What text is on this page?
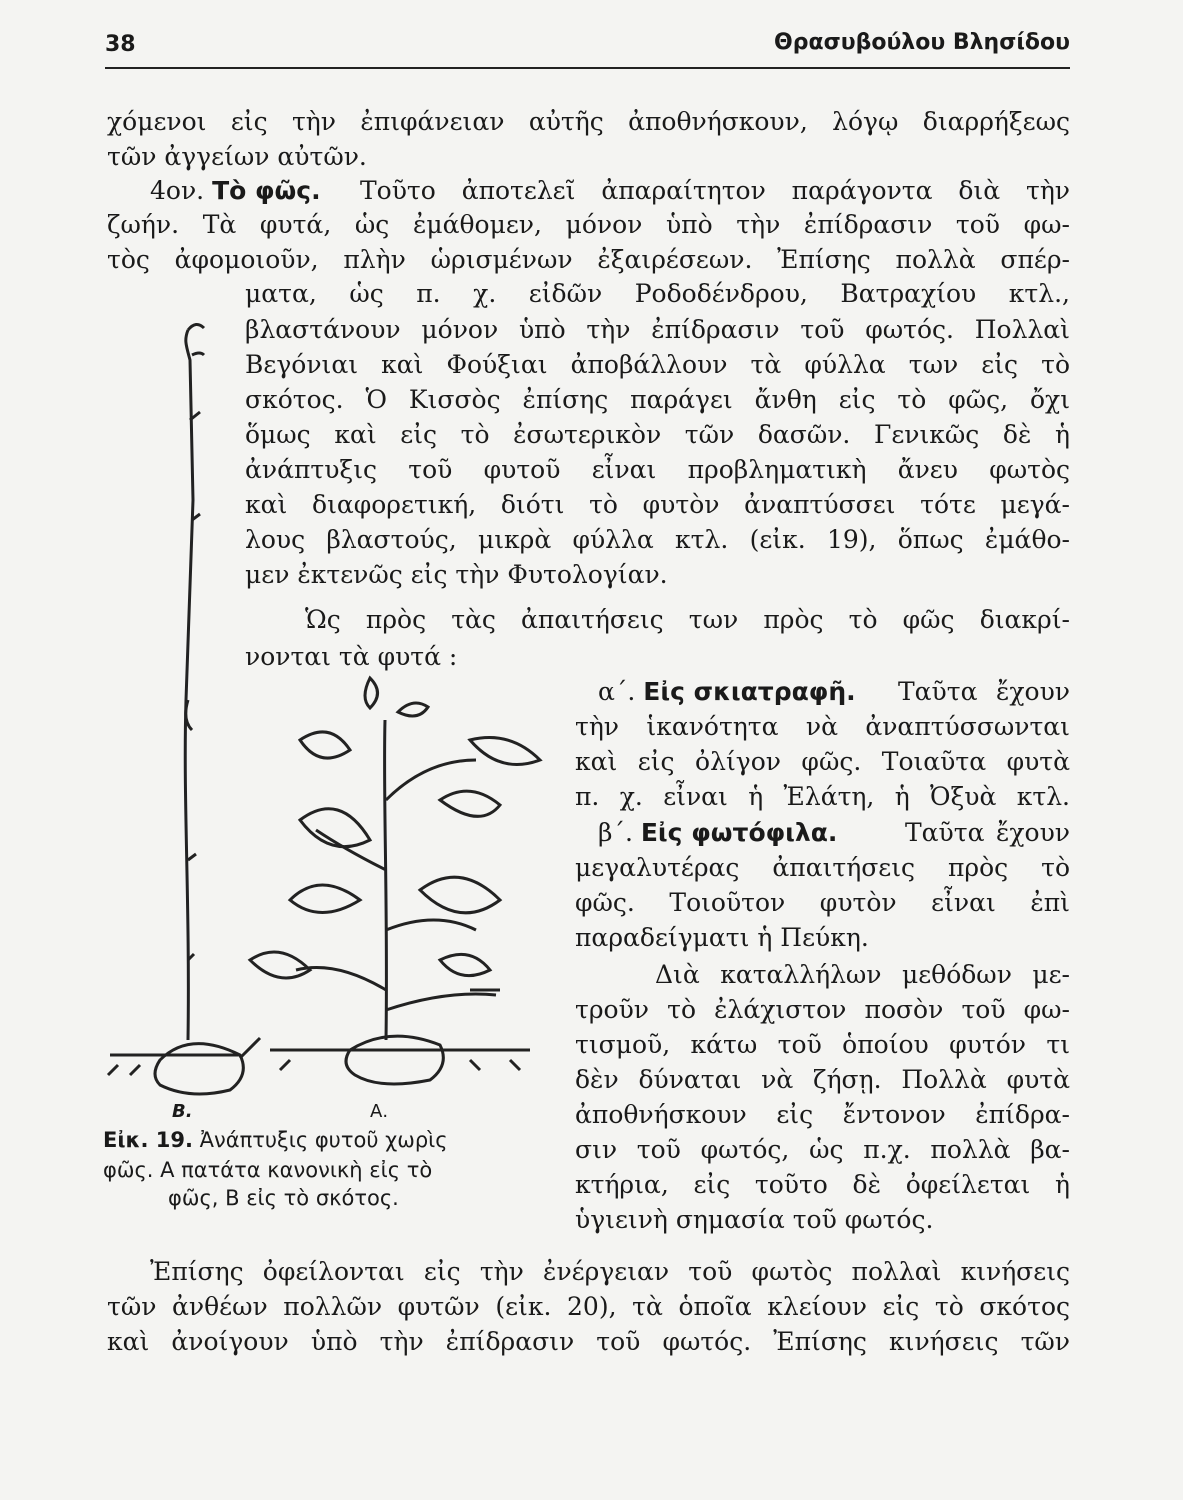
38	Θρασυβούλου Βλησίδου
χόμενοι εἰς τὴν ἐπιφάνειαν αὐτῆς ἀποθνήσκουν, λόγῳ διαρρήξεως
τῶν ἀγγείων αὐτῶν.
4ον. Τὸ φῶς. Τοῦτο ἀποτελεῖ ἀπαραίτητον παράγοντα διὰ τὴν
ζωήν. Τὰ φυτά, ὡς ἐμάθομεν, μόνον ὑπὸ τὴν ἐπίδρασιν τοῦ φω-
τὸς ἀφομοιοῦν, πλὴν ὡρισμένων ἐξαιρέσεων. Ἐπίσης πολλὰ σπέρ-
ματα, ὡς π. χ. εἰδῶν Ροδοδένδρου, Βατραχίου κτλ.,
βλαστάνουν μόνον ὑπὸ τὴν ἐπίδρασιν τοῦ φωτός. Πολλαὶ
Βεγόνιαι καὶ Φούξιαι ἀποβάλλουν τὰ φύλλα των εἰς τὸ
σκότος. Ὁ Κισσὸς ἐπίσης παράγει ἄνθη εἰς τὸ φῶς, ὄχι
ὅμως καὶ εἰς τὸ ἐσωτερικὸν τῶν δασῶν. Γενικῶς δὲ ἡ
ἀνάπτυξις τοῦ φυτοῦ εἶναι προβληματικὴ ἄνευ φωτὸς
καὶ διαφορετική, διότι τὸ φυτὸν ἀναπτύσσει τότε μεγά-
λους βλαστούς, μικρὰ φύλλα κτλ. (εἰκ. 19), ὅπως ἐμάθο-
μεν ἐκτενῶς εἰς τὴν Φυτολογίαν.
Ὡς πρὸς τὰς ἀπαιτήσεις των πρὸς τὸ φῶς διακρί-
νονται τὰ φυτά :
α΄. Εἰς σκιατραφῆ. Ταῦτα ἔχουν
τὴν ἱκανότητα νὰ ἀναπτύσσωνται
καὶ εἰς ὀλίγον φῶς. Τοιαῦτα φυτὰ
π. χ. εἶναι ἡ Ἐλάτη, ἡ Ὀξυὰ κτλ.
β΄. Εἰς φωτόφιλα.	Ταῦτα ἔχουν
μεγαλυτέρας ἀπαιτήσεις πρὸς τὸ
φῶς. Τοιοῦτον φυτὸν εἶναι ἐπὶ
παραδείγματι ἡ Πεύκη.
Διὰ καταλλήλων μεθόδων με-
τροῦν τὸ ἐλάχιστον ποσὸν τοῦ φω-
τισμοῦ, κάτω τοῦ ὁποίου φυτόν τι
δὲν δύναται νὰ ζήσῃ. Πολλὰ φυτὰ
ἀποθνήσκουν εἰς ἔντονον ἐπίδρα-
σιν τοῦ φωτός, ὡς π.χ. πολλὰ βα-
κτήρια, εἰς τοῦτο δὲ ὀφείλεται ἡ
ὑγιεινὴ σημασία τοῦ φωτός.
Ἐπίσης ὀφείλονται εἰς τὴν ἐνέργειαν τοῦ φωτὸς πολλαὶ κινήσεις
τῶν ἀνθέων πολλῶν φυτῶν (εἰκ. 20), τὰ ὁποῖα κλείουν εἰς τὸ σκότος
καὶ ἀνοίγουν ὑπὸ τὴν ἐπίδρασιν τοῦ φωτός. Ἐπίσης κινήσεις τῶν
Β.	Α.
Εἰκ. 19. Ἀνάπτυξις φυτοῦ χωρὶς
φῶς. Α πατάτα κανονικὴ εἰς τὸ
φῶς, Β εἰς τὸ σκότος.
